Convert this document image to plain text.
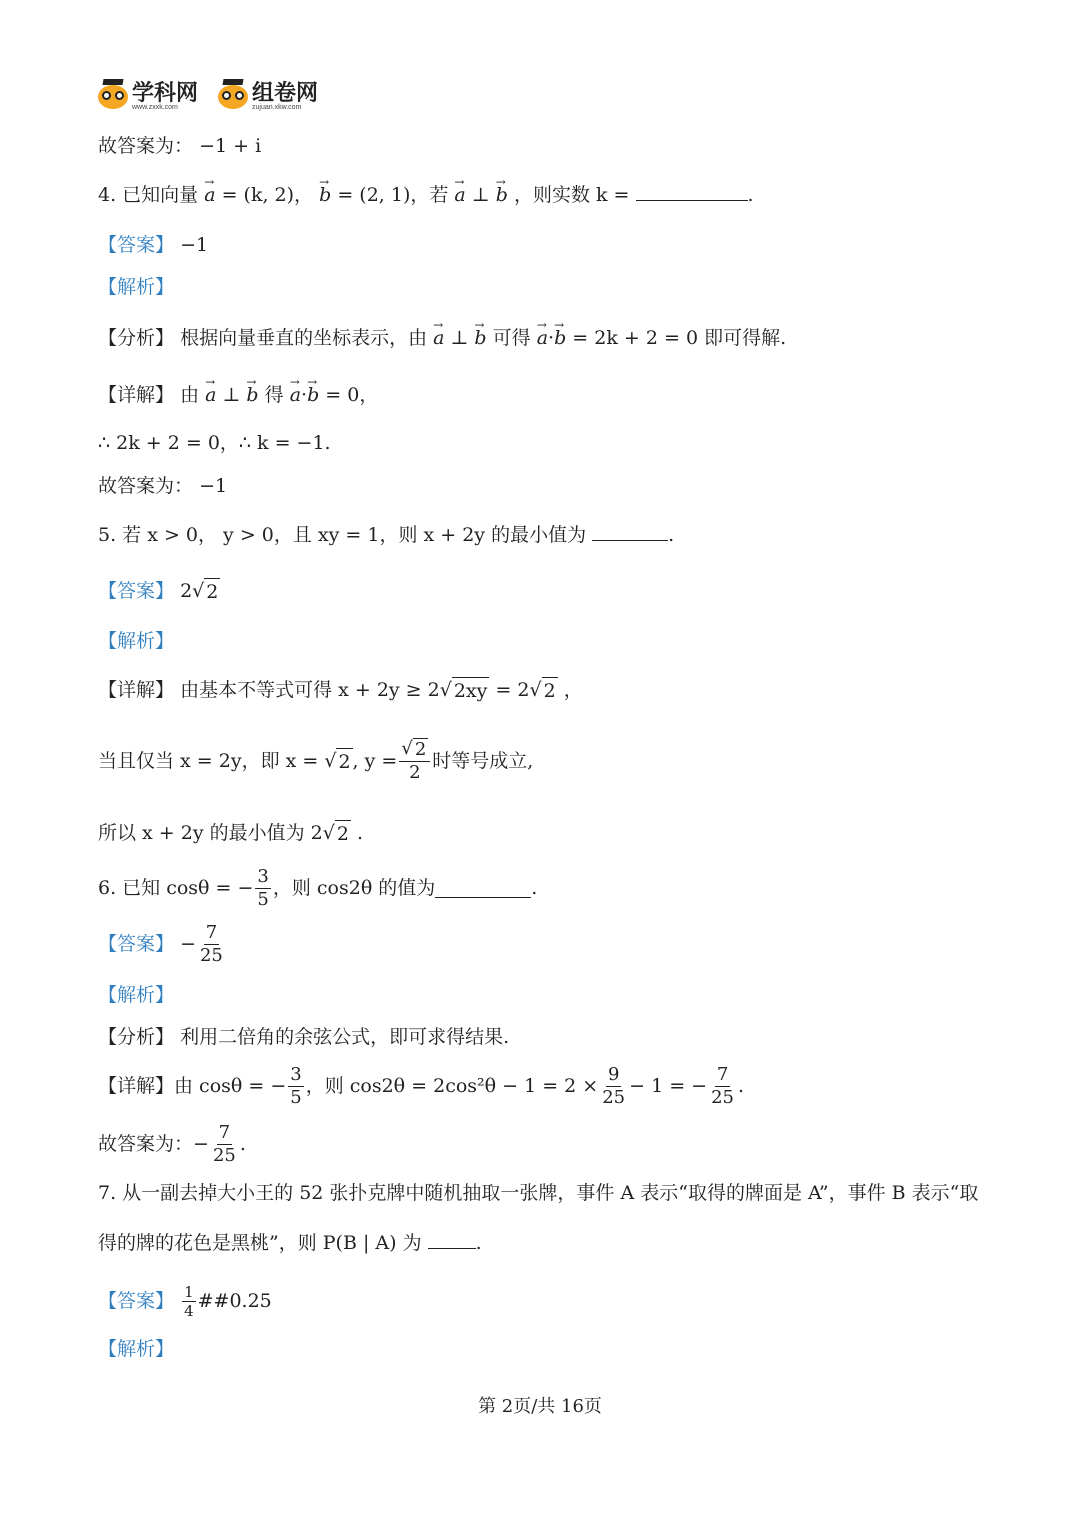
学科网
www.zxxk.com
组卷网
zujuan.xkw.com
故答案为： −1 + i
4. 已知向量 → a = (k, 2)， → b = (2, 1)，若 → a ⊥ → b ，则实数 k =	.
【答案】 −1
【解析】
【分析】 根据向量垂直的坐标表示，由 → a ⊥ → b 可得 → a·→ b = 2k + 2 = 0 即可得解.
【详解】 由 → a ⊥ → b 得 → a·→ b = 0，
∴ 2k + 2 = 0，∴ k = −1.
故答案为： −1
5. 若 x > 0， y > 0，且 xy = 1，则 x + 2y 的最小值为	.
【答案】 2√ 2
【解析】
【详解】 由基本不等式可得 x + 2y ≥ 2√ 2xy = 2√ 2 ，
当且仅当 x = 2y，即 x =
√ 2 , $y = \frac{√ 2}{2}$ 时等号成立,
所以 x + 2y 的最小值为 2√ 2 .
6. 已知 cosθ = − $\frac{3}{5}$ ，则 cos2θ 的值为	.
【答案】
− $\frac{7}{25}$
【解析】
【分析】 利用二倍角的余弦公式，即可求得结果.
【详解】 由 cosθ = − $\frac{3}{5}$ ，则 $\cos 2\theta = 2\cos^2\theta - 1 = 2 \times \frac{9}{25} - 1$ = − $\frac{7}{25}$ .
故答案为： − $\frac{7}{25}$ .
7. 从一副去掉大小王的 52 张扑克牌中随机抽取一张牌，事件 A 表示“取得的牌面是 A”，事件 B 表示“取
得的牌的花色是黑桃”，则 P(B | A) 为	.
【答案】
$\frac{1}{4}$ ##0.25
【解析】
第 2页/共 16页
